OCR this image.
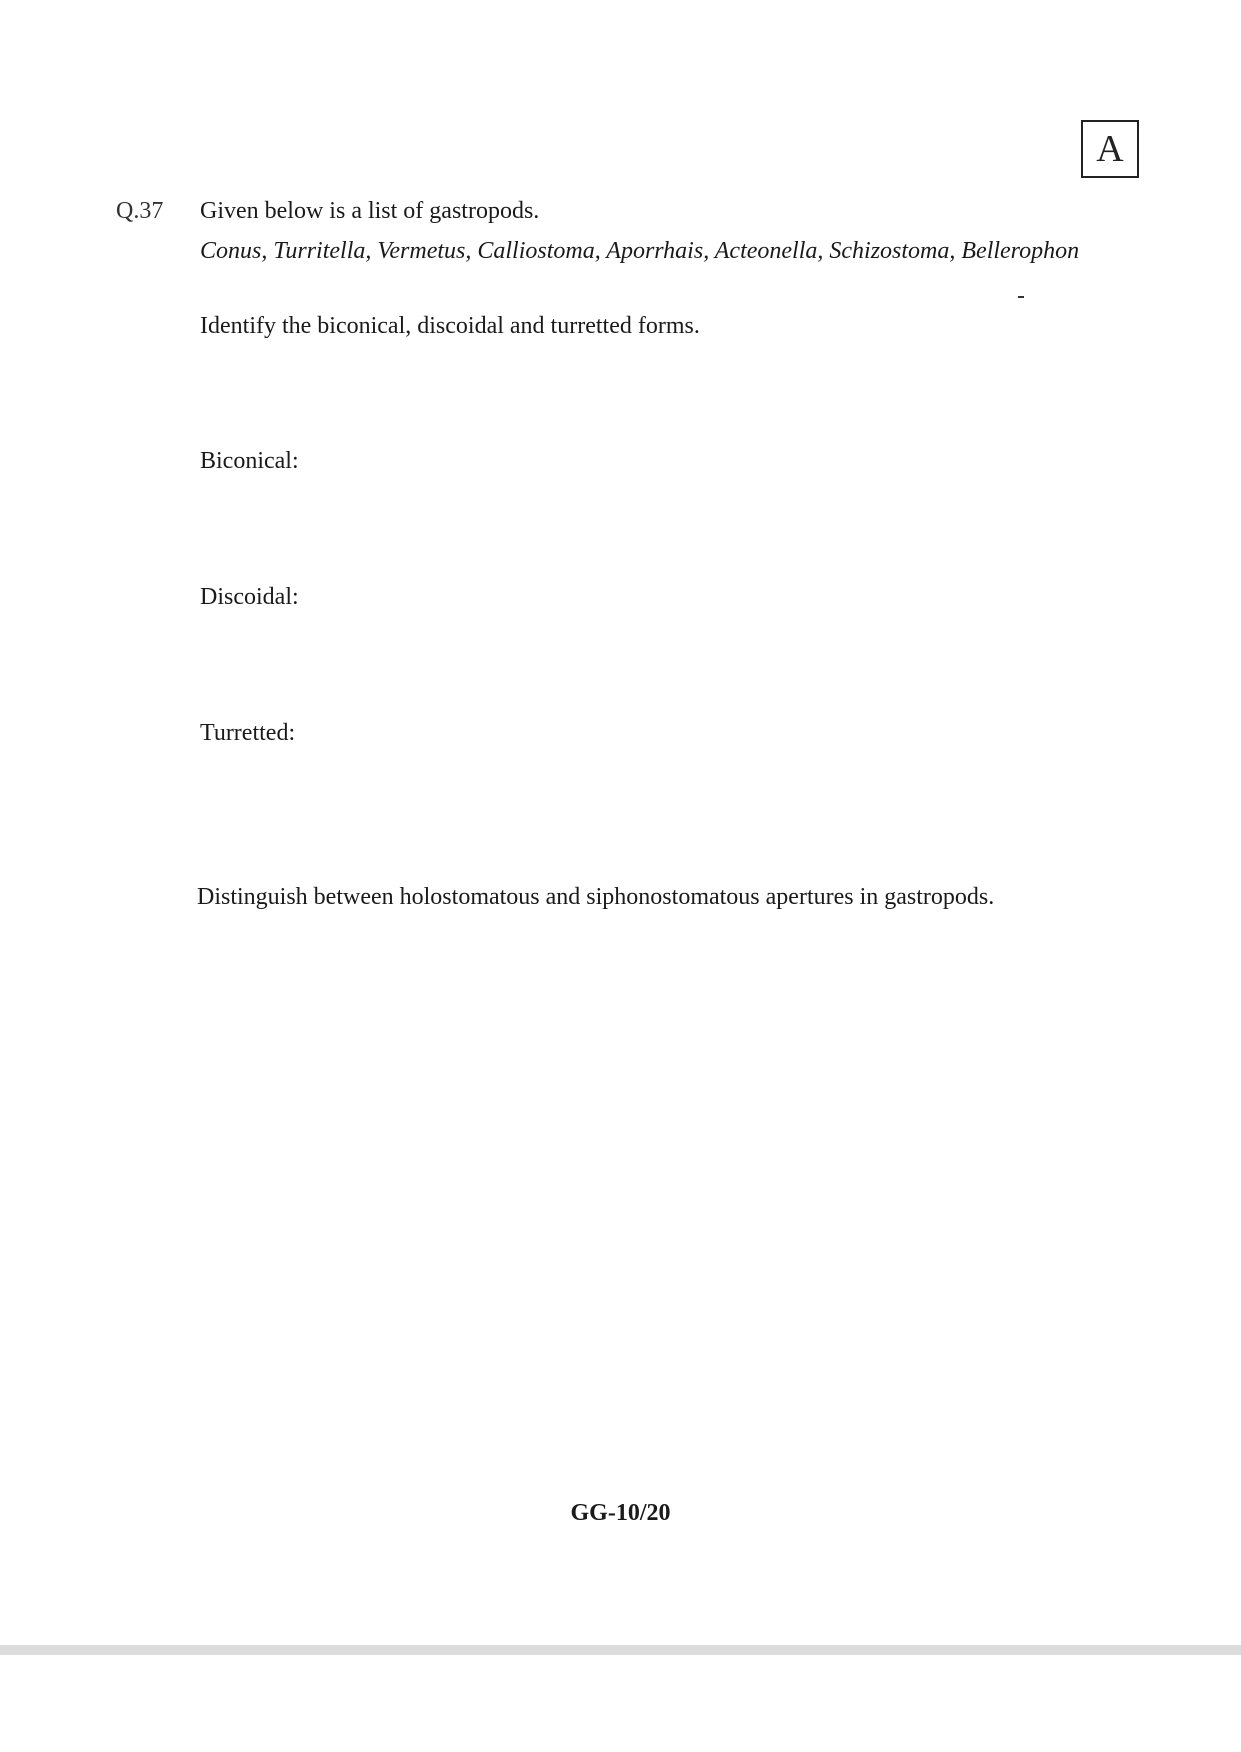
A
Q.37 Given below is a list of gastropods.
Conus, Turritella, Vermetus, Calliostoma, Aporrhais, Acteonella, Schizostoma, Bellerophon
Identify the biconical, discoidal and turretted forms.
Biconical:
Discoidal:
Turretted:
Distinguish between holostomatous and siphonostomatous apertures in gastropods.
GG-10/20
